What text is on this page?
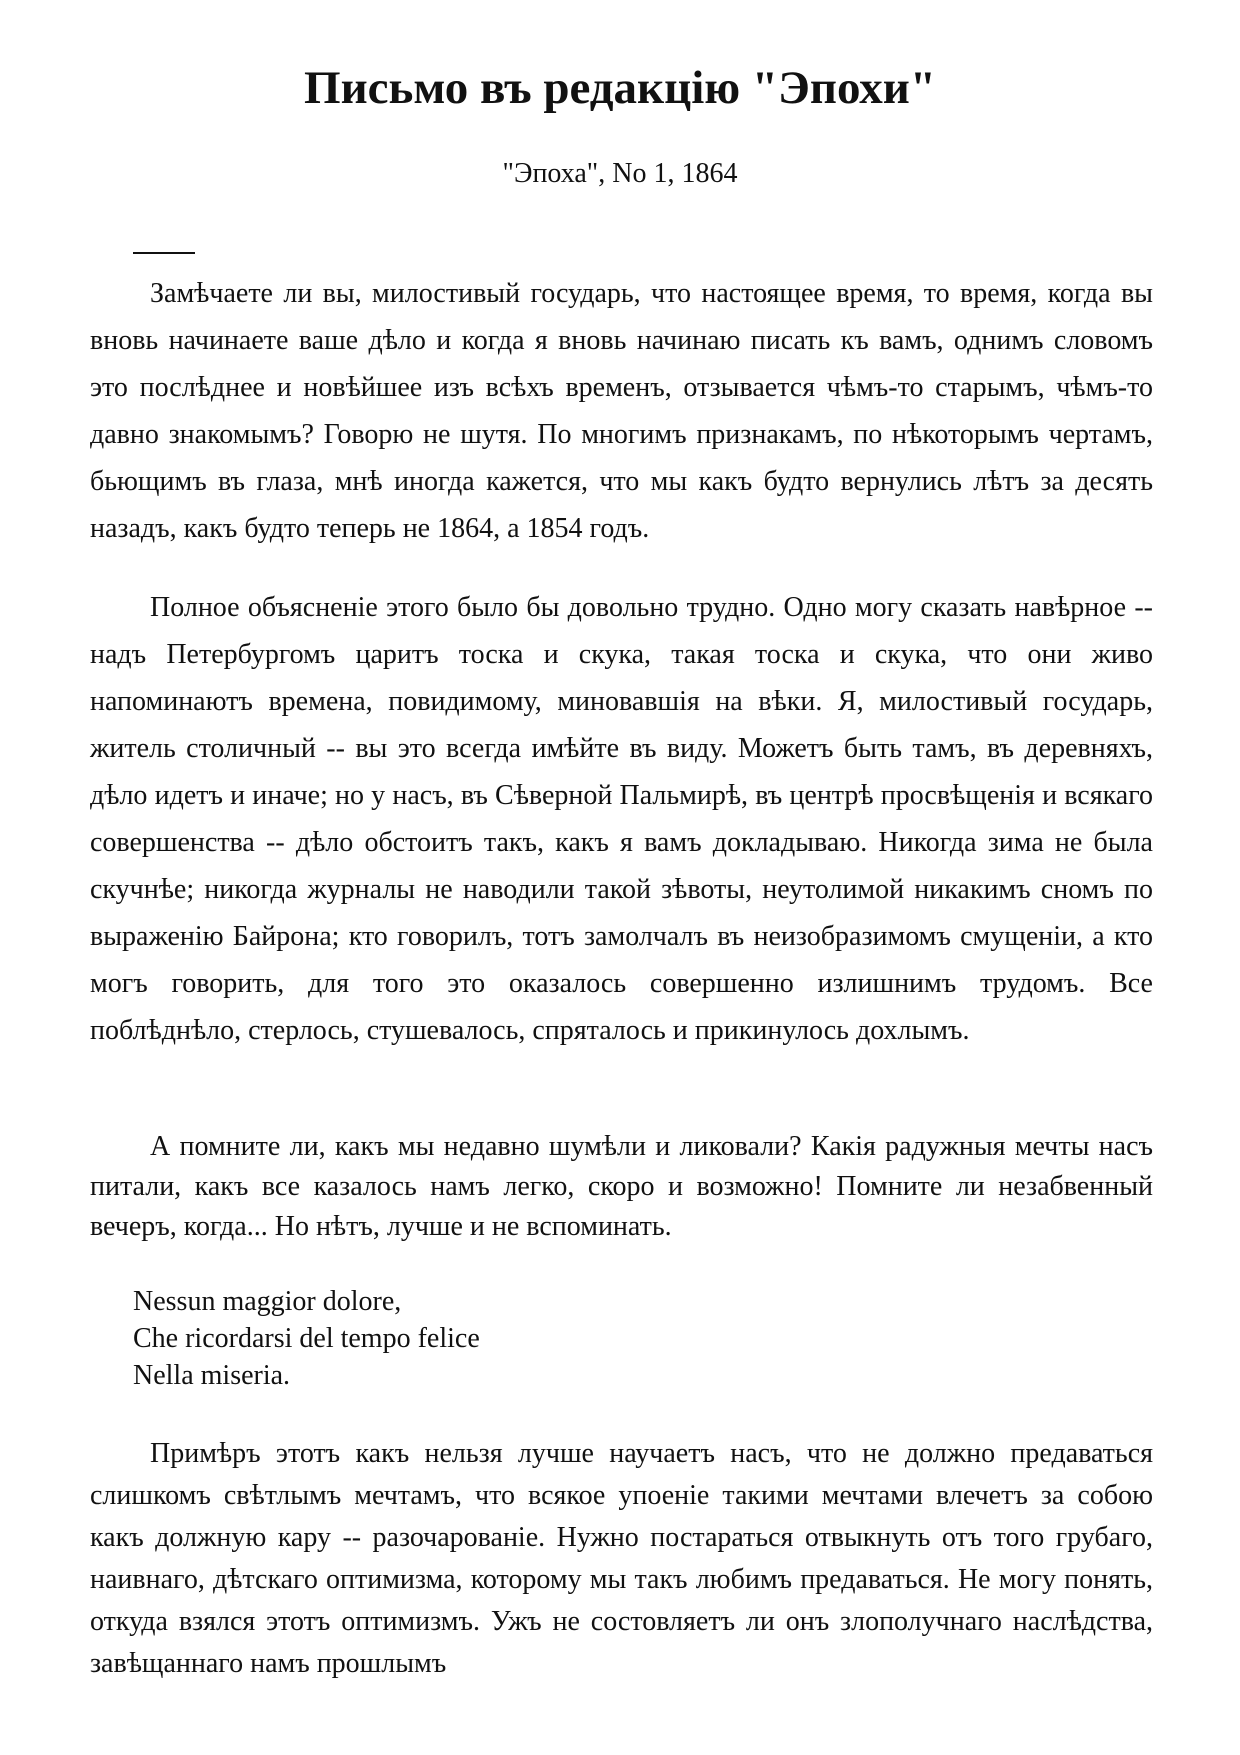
Письмо въ редакцію "Эпохи"
"Эпоха", No 1, 1864

Замѣчаете ли вы, милостивый государь, что настоящее время, то время, когда вы вновь начинаете ваше дѣло и когда я вновь начинаю писать къ вамъ, однимъ словомъ это послѣднее и новѣйшее изъ всѣхъ временъ, отзывается чѣмъ-то старымъ, чѣмъ-то давно знакомымъ? Говорю не шутя. По многимъ признакамъ, по нѣкоторымъ чертамъ, бьющимъ въ глаза, мнѣ иногда кажется, что мы какъ будто вернулись лѣтъ за десять назадъ, какъ будто теперь не 1864, а 1854 годъ.

Полное объясненіе этого было бы довольно трудно. Одно могу сказать навѣрное -- надъ Петербургомъ царитъ тоска и скука, такая тоска и скука, что они живо напоминаютъ времена, повидимому, миновавшія на вѣки. Я, милостивый государь, житель столичный -- вы это всегда имѣйте въ виду. Можетъ быть тамъ, въ деревняхъ, дѣло идетъ и иначе; но у насъ, въ Сѣверной Пальмирѣ, въ центрѣ просвѣщенія и всякаго совершенства -- дѣло обстоитъ такъ, какъ я вамъ докладываю. Никогда зима не была скучнѣе; никогда журналы не наводили такой зѣвоты, неутолимой никакимъ сномъ по выраженію Байрона; кто говорилъ, тотъ замолчалъ въ неизобразимомъ смущеніи, а кто могъ говорить, для того это оказалось совершенно излишнимъ трудомъ. Все поблѣднѣло, стерлось, стушевалось, спряталось и прикинулось дохлымъ.

А помните ли, какъ мы недавно шумѣли и ликовали? Какія радужныя мечты насъ питали, какъ все казалось намъ легко, скоро и возможно! Помните ли незабвенный вечеръ, когда... Но нѣтъ, лучше и не вспоминать.

Nessun maggior dolore,
Che ricordarsi del tempo felice
Nella miseria.

Примѣръ этотъ какъ нельзя лучше научаетъ насъ, что не должно предаваться слишкомъ свѣтлымъ мечтамъ, что всякое упоеніе такими мечтами влечетъ за собою какъ должную кару -- разочарованіе. Нужно постараться отвыкнуть отъ того грубаго, наивнаго, дѣтскаго оптимизма, которому мы такъ любимъ предаваться. Не могу понять, откуда взялся этотъ оптимизмъ. Ужъ не состовляетъ ли онъ злополучнаго наслѣдства, завѣщаннаго намъ прошлымъ
